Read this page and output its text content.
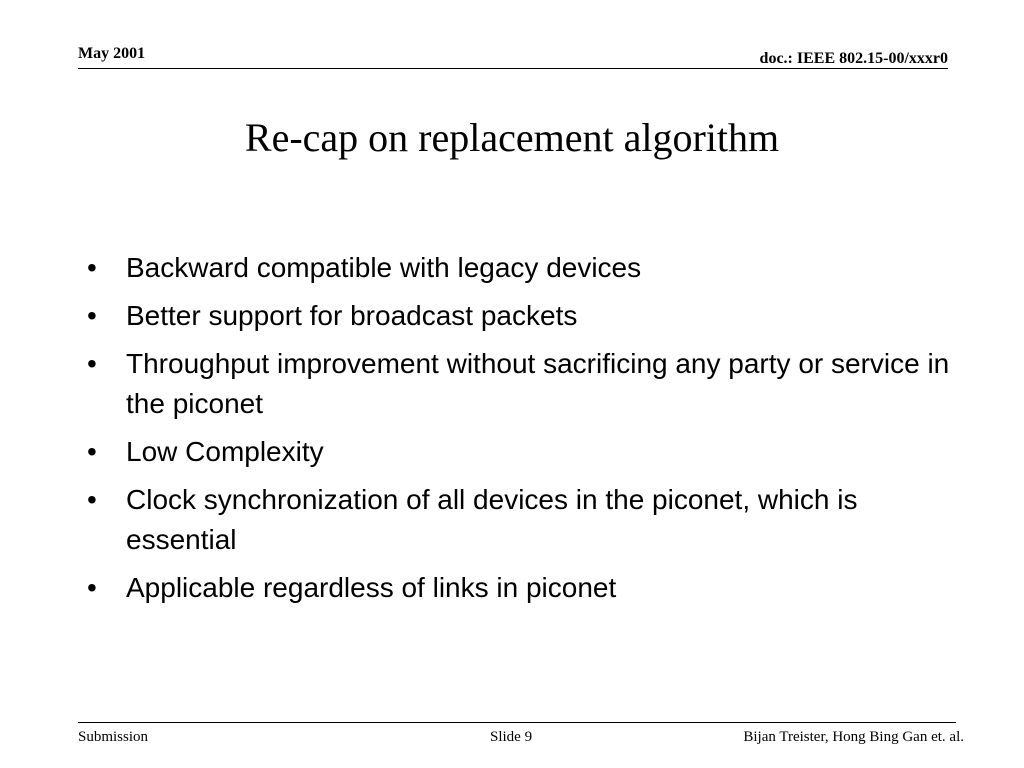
May 2001	doc.: IEEE 802.15-00/xxxr0
Re-cap on replacement algorithm
• Backward compatible with legacy devices
• Better support for broadcast packets
• Throughput improvement without sacrificing any party or service in the piconet
• Low Complexity
• Clock synchronization of all devices in the piconet, which is essential
• Applicable regardless of links in piconet
Submission	Slide 9	Bijan Treister, Hong Bing Gan et. al.
